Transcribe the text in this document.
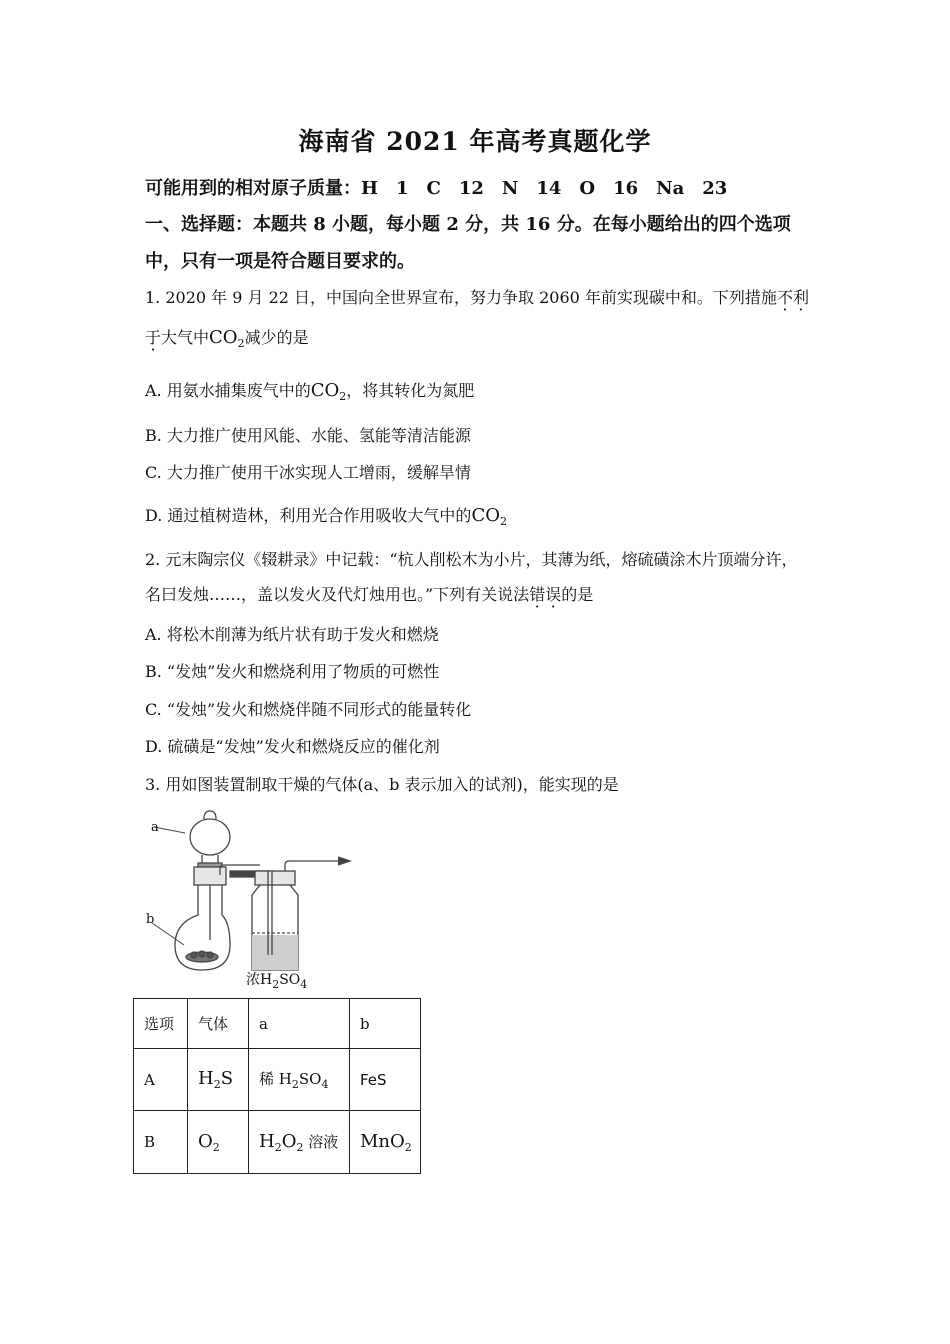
海南省 2021 年高考真题化学
可能用到的相对原子质量：H　1　C　12　N　14　O　16　Na　23
一、选择题：本题共 8 小题，每小题 2 分，共 16 分。在每小题给出的四个选项
中，只有一项是符合题目要求的。
1. 2020 年 9 月 22 日，中国向全世界宣布，努力争取 2060 年前实现碳中和。下列措施不利
于大气中$CO_2$减少的是
A. 用氨水捕集废气中的$CO_2$，将其转化为氮肥
B. 大力推广使用风能、水能、氢能等清洁能源
C. 大力推广使用干冰实现人工增雨，缓解旱情
D. 通过植树造林，利用光合作用吸收大气中的$CO_2$
2. 元末陶宗仪《辍耕录》中记载：“杭人削松木为小片，其薄为纸，熔硫磺涂木片顶端分许，
名曰发烛……，盖以发火及代灯烛用也。”下列有关说法错误的是
A. 将松木削薄为纸片状有助于发火和燃烧
B. “发烛”发火和燃烧利用了物质的可燃性
C. “发烛”发火和燃烧伴随不同形式的能量转化
D. 硫磺是“发烛”发火和燃烧反应的催化剂
3. 用如图装置制取干燥的气体(a、b 表示加入的试剂)，能实现的是
a
b
浓$H_2SO_4$
选项	气体	a	b
A	$H_2S$	稀 $H_2SO_4$	FeS
B	$O_2$	$H_2O_2$ 溶液	MnO$_2$
